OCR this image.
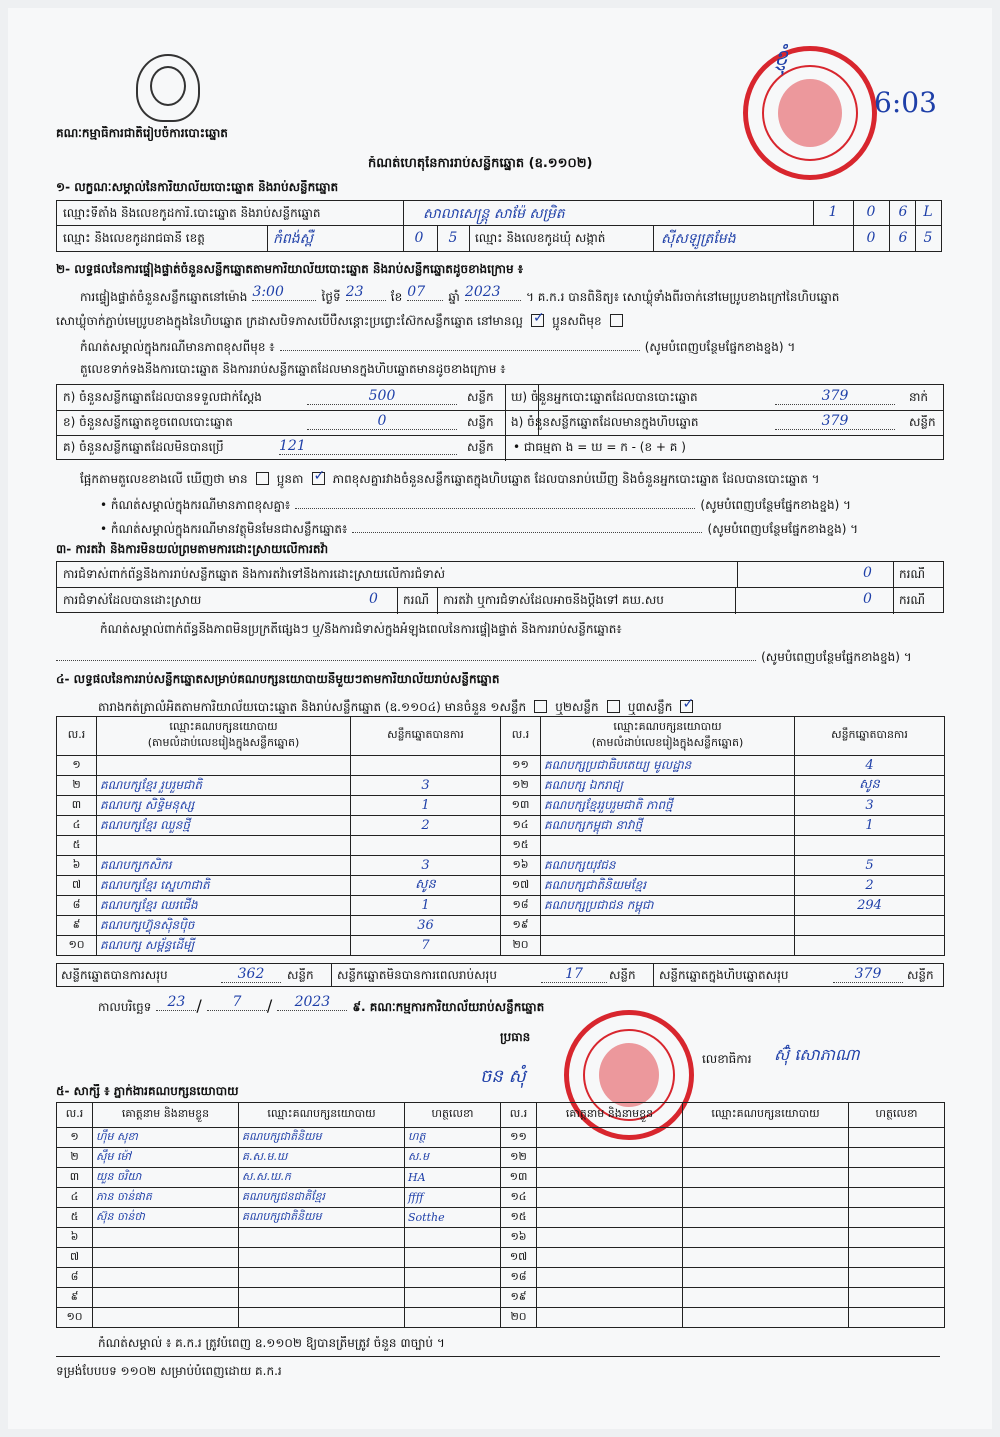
គណៈកម្មាធិការជាតិរៀបចំការបោះឆ្នោត
កំណត់ហេតុនៃការរាប់សន្លឹកឆ្នោត (ឧ.១១០២)
ខ្ញុំ
6:03
១- លក្ខណៈសម្គាល់នៃការិយាល័យបោះឆ្នោត និងរាប់សន្លឹកឆ្នោត
ឈ្មោះទីតាំង និងលេខកូដការិ.បោះឆ្នោត និងរាប់សន្លឹកឆ្នោត	សាលាសេន្រ្តុ សាម៉ែ សម្រិត	1	0	6	L
ឈ្មោះ និងលេខកូដរាជធានី ខេត្ត	កំពង់ស្ពឺ	0	5	ឈ្មោះ និងលេខកូដឃុំ សង្កាត់	ស៊ីសឡូត្រមែង	0	6	5
២- លទ្ធផលនៃការផ្ទៀងផ្ទាត់ចំនួនសន្លឹកឆ្នោតតាមការិយាល័យបោះឆ្នោត និងរាប់សន្លឹកឆ្នោតដូចខាងក្រោម ៖
ការផ្ទៀងផ្ទាត់ចំនួនសន្លឹកឆ្នោតនៅម៉ោង 3:00	ថ្ងៃទី 23 ខែ 07 ឆ្នាំ 2023 ។ គ.ក.រ បានពិនិត្យ៖ សោឃ្លុំទាំងពីរចាក់នៅមេប្រូបខាងក្រៅនៃហិបឆ្នោត
សោឃ្លុំចាក់ភ្ជាប់មេប្រូបខាងក្នុងនៃហិបឆ្នោត ក្រដាសបិទភាសបើបឺសន្តោះប្រព្វោះស៊ែកសន្លឹកឆ្នោត នៅមានល្អ ✓ ប្អូនសពិមុខ
កំណត់សម្គាល់ក្នុងករណីមានភាពខុសពីមុខ ៖	(សូមបំពេញបន្ថែមផ្នែកខាងខ្នង) ។
តួលេខទាក់ទងនឹងការបោះឆ្នោត និងការរាប់សន្លឹកឆ្នោតដែលមានក្នុងហិបឆ្នោតមានដូចខាងក្រោម ៖
ក) ចំនួនសន្លឹកឆ្នោតដែលបានទទួលជាក់ស្តែង	500	សន្លឹក
ខ) ចំនួនសន្លឹកឆ្នោតខូចពេលបោះឆ្នោត	0	សន្លឹក
គ) ចំនួនសន្លឹកឆ្នោតដែលមិនបានប្រើ	121	សន្លឹក
ឃ) ចំនួនអ្នកបោះឆ្នោតដែលបានបោះឆ្នោត	379	នាក់
ង) ចំនួនសន្លឹកឆ្នោតដែលមានក្នុងហិបឆ្នោត	379	សន្លឹក
• ជាធម្មតា ង = ឃ = ក - (ខ + គ )
ផ្អែកតាមតួលេខខាងលើ ឃើញថា មាន ប្អូនតា ✓ ភាពខុសគ្នារវាងចំនួនសន្លឹកឆ្នោតក្នុងហិបឆ្នោត ដែលបានរាប់ឃើញ និងចំនួនអ្នកបោះឆ្នោត ដែលបានបោះឆ្នោត ។
• កំណត់សម្គាល់ក្នុងករណីមានភាពខុសគ្នា៖	(សូមបំពេញបន្ថែមផ្នែកខាងខ្នង) ។
• កំណត់សម្គាល់ក្នុងករណីមានវត្ថុមិនមែនជាសន្លឹកឆ្នោត៖	(សូមបំពេញបន្ថែមផ្នែកខាងខ្នង) ។
៣- ការតវ៉ា និងការមិនយល់ព្រមតាមការដោះស្រាយលើការតវ៉ា
ការជំទាស់ពាក់ព័ន្ធនឹងការរាប់សន្លឹកឆ្នោត និងការតវ៉ាទៅនឹងការដោះស្រាយលើការជំទាស់	0	ករណី
ការជំទាស់ដែលបានដោះស្រាយ	0	ករណី ការតវ៉ា ឬការជំទាស់ដែលអាចនឹងប្តឹងទៅ គឃ.សប	0	ករណី
កំណត់សម្គាល់ពាក់ព័ន្ធនឹងភាពមិនប្រក្រតីផ្សេងៗ ឬ/និងការជំទាស់ក្នុងអំឡុងពេលនៃការផ្ទៀងផ្ទាត់ និងការរាប់សន្លឹកឆ្នោត៖
(សូមបំពេញបន្ថែមផ្នែកខាងខ្នង) ។
៤- លទ្ធផលនៃការរាប់សន្លឹកឆ្នោតសម្រាប់គណបក្សនយោបាយនីមួយៗតាមការិយាល័យរាប់សន្លឹកឆ្នោត
តារាងកត់ត្រាលំអិតតាមការិយាល័យបោះឆ្នោត និងរាប់សន្លឹកឆ្នោត (ឧ.១១០៤) មានចំនួន ១សន្លឹក ឬ២សន្លឹក ឬ៣សន្លឹក ✓
ល.រ	ឈ្មោះគណបក្សនយោបាយ
(តាមលំដាប់លេខរៀងក្នុងសន្លឹកឆ្នោត)	សន្លឹកឆ្នោតបានការ
១		
២	គណបក្សខ្មែរ រួបរួមជាតិ	3
៣	គណបក្ស សិទ្ធិមនុស្ស	1
៤	គណបក្សខ្មែរ ឈួនថ្មី	2
៥		
៦	គណបក្សកសិករ	3
៧	គណបក្សខ្មែរ ស្នេហាជាតិ	សូន
៨	គណបក្សខ្មែរ ឈរជើង	1
៩	គណបក្សហ៊្វុនស៊ិនប៉ិច	36
១០	គណបក្ស សម្ព័ន្ធដើម្បី	7
ល.រ	ឈ្មោះគណបក្សនយោបាយ
(តាមលំដាប់លេខរៀងក្នុងសន្លឹកឆ្នោត)	សន្លឹកឆ្នោតបានការ
១១	គណបក្សប្រជាធិបតេយ្យ មូលដ្ឋាន	4
១២	គណបក្ស ឯករាជ្យ	សូន
១៣	គណបក្សខ្មែររួបរួមជាតិ ភាពថ្មី	3
១៤	គណបក្សកម្ពុជា នាវាថ្មី	1
១៥		
១៦	គណបក្សយុវជន	5
១៧	គណបក្សជាតិនិយមខ្មែរ	2
១៨	គណបក្សប្រជាជន កម្ពុជា	294
១៩		
២០		
សន្លឹកឆ្នោតបានការសរុប	362	សន្លឹក សន្លឹកឆ្នោតមិនបានការពេលរាប់សរុប	17	សន្លឹក សន្លឹកឆ្នោតក្នុងហិបឆ្នោតសរុប	379	សន្លឹក
កាលបរិច្ឆេទ 23 / 7 / 2023 ៩. គណៈកម្មការការិយាល័យរាប់សន្លឹកឆ្នោត
ប្រធាន
ចន សុំ
លេខាធិការ ស៊ុំ សោភាណា
៥- សាក្សី ៖ ភ្នាក់ងារគណបក្សនយោបាយ
ល.រ	គោត្តនាម និងនាមខ្លួន	ឈ្មោះគណបក្សនយោបាយ	ហត្ថលេខា
១	ហ៊ឹម សុខា	គណបក្សជាតិនិយម	ហត្ថ
២	ស៊ឹម ម៉ៅ	គ.ស.ម.ឃ	ស.ម
៣	យួន ចរិយា	ស.ស.ឃ.ក	HA
៤	ភាន ចាន់ផាត	គណបក្សជនជាតិខ្មែរ	ffff
៥	ស៊ុន ចាន់ថា	គណបក្សជាតិនិយម	Sotthe
៦			
៧			
៨			
៩			
១០			
ល.រ	គោត្តនាម និងនាមខ្លួន	ឈ្មោះគណបក្សនយោបាយ	ហត្ថលេខា
១១			
១២			
១៣			
១៤			
១៥			
១៦			
១៧			
១៨			
១៩			
២០			
កំណត់សម្គាល់ ៖ គ.ក.រ ត្រូវបំពេញ ឧ.១១០២ ឱ្យបានត្រឹមត្រូវ ចំនួន ៣ច្បាប់ ។
ទម្រង់បែបបទ ១១០២ សម្រាប់បំពេញដោយ គ.ក.រ
